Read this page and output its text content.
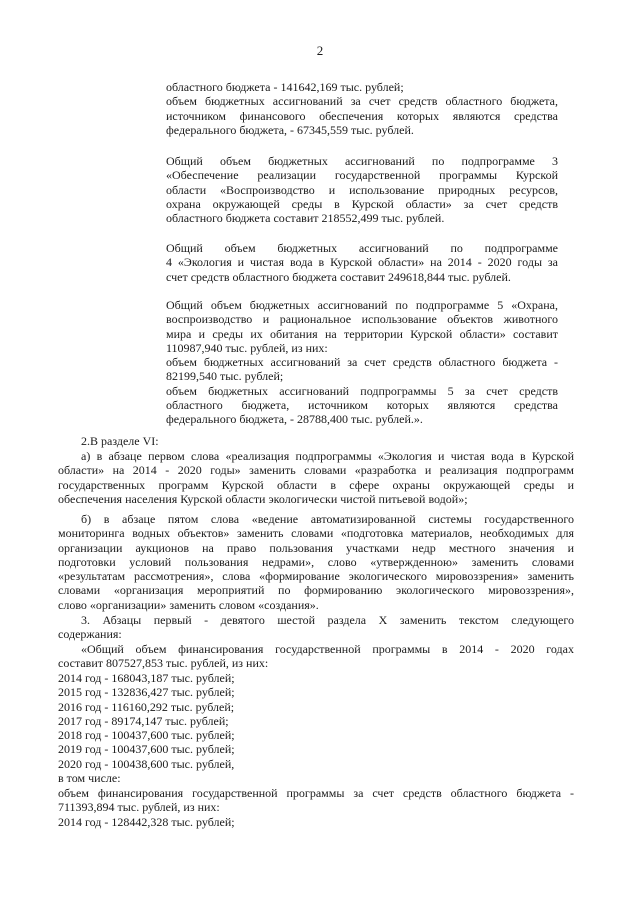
2
областного бюджета - 141642,169 тыс. рублей;
объем бюджетных ассигнований за счет средств областного бюджета,
источником финансового обеспечения которых являются средства
федерального бюджета, - 67345,559 тыс. рублей.
Общий объем бюджетных ассигнований по подпрограмме 3
«Обеспечение реализации государственной программы Курской
области «Воспроизводство и использование природных ресурсов,
охрана окружающей среды в Курской области» за счет средств
областного бюджета составит 218552,499 тыс. рублей.
Общий объем бюджетных ассигнований по подпрограмме
4 «Экология и чистая вода в Курской области» на 2014 - 2020 годы за
счет средств областного бюджета составит 249618,844 тыс. рублей.
Общий объем бюджетных ассигнований по подпрограмме 5 «Охрана,
воспроизводство и рациональное использование объектов животного
мира и среды их обитания на территории Курской области» составит
110987,940 тыс. рублей, из них:
объем бюджетных ассигнований за счет средств областного бюджета -
82199,540 тыс. рублей;
объем бюджетных ассигнований подпрограммы 5 за счет средств
областного бюджета, источником которых являются средства
федерального бюджета, - 28788,400 тыс. рублей.».
2.В разделе VI:
а) в абзаце первом слова «реализация подпрограммы «Экология и чистая вода в Курской
области» на 2014 - 2020 годы» заменить словами «разработка и реализация подпрограмм
государственных программ Курской области в сфере охраны окружающей среды и
обеспечения населения Курской области экологически чистой питьевой водой»;
б) в абзаце пятом слова «ведение автоматизированной системы государственного
мониторинга водных объектов» заменить словами «подготовка материалов, необходимых для
организации аукционов на право пользования участками недр местного значения и
подготовки условий пользования недрами», слово «утвержденною» заменить словами
«результатам рассмотрения», слова «формирование экологического мировоззрения» заменить
словами «организация мероприятий по формированию экологического мировоззрения»,
слово «организации» заменить словом «создания».
3. Абзацы первый - девятого шестой раздела X заменить текстом следующего
содержания:
«Общий объем финансирования государственной программы в 2014 - 2020 годах
составит 807527,853 тыс. рублей, из них:
2014 год - 168043,187 тыс. рублей;
2015 год - 132836,427 тыс. рублей;
2016 год - 116160,292 тыс. рублей;
2017 год - 89174,147 тыс. рублей;
2018 год - 100437,600 тыс. рублей;
2019 год - 100437,600 тыс. рублей;
2020 год - 100438,600 тыс. рублей,
в том числе:
объем финансирования государственной программы за счет средств областного бюджета -
711393,894 тыс. рублей, из них:
2014 год - 128442,328 тыс. рублей;
